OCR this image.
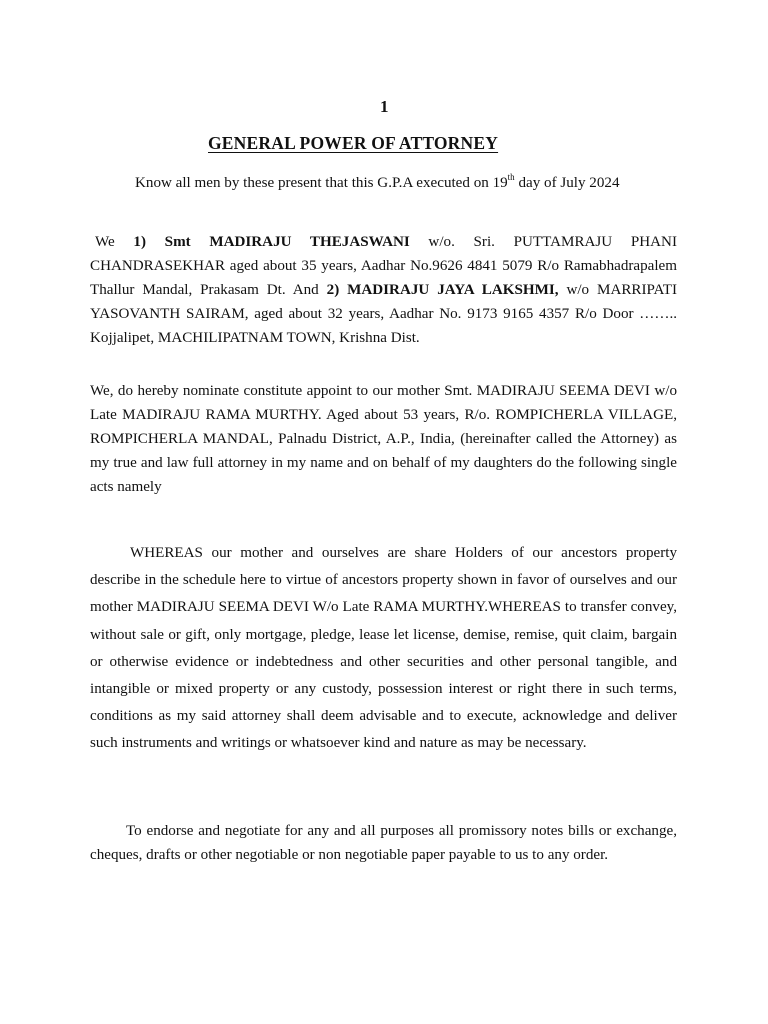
1
GENERAL POWER OF ATTORNEY
Know all men by these present that this G.P.A executed on 19th day of July 2024
We 1) Smt MADIRAJU THEJASWANI w/o. Sri. PUTTAMRAJU PHANI CHANDRASEKHAR aged about 35 years, Aadhar No.9626 4841 5079 R/o Ramabhadrapalem Thallur Mandal, Prakasam Dt. And 2) MADIRAJU JAYA LAKSHMI, w/o MARRIPATI YASOVANTH SAIRAM, aged about 32 years, Aadhar No. 9173 9165 4357 R/o Door …….. Kojjalipet, MACHILIPATNAM TOWN, Krishna Dist.
We, do hereby nominate constitute appoint to our mother Smt. MADIRAJU SEEMA DEVI w/o Late MADIRAJU RAMA MURTHY. Aged about 53 years, R/o. ROMPICHERLA VILLAGE, ROMPICHERLA MANDAL, Palnadu District, A.P., India, (hereinafter called the Attorney) as my true and law full attorney in my name and on behalf of my daughters do the following single acts namely
WHEREAS our mother and ourselves are share Holders of our ancestors property describe in the schedule here to virtue of ancestors property shown in favor of ourselves and our mother MADIRAJU SEEMA DEVI W/o Late RAMA MURTHY.WHEREAS to transfer convey, without sale or gift, only mortgage, pledge, lease let license, demise, remise, quit claim, bargain or otherwise evidence or indebtedness and other securities and other personal tangible, and intangible or mixed property or any custody, possession interest or right there in such terms, conditions as my said attorney shall deem advisable and to execute, acknowledge and deliver such instruments and writings or whatsoever kind and nature as may be necessary.
To endorse and negotiate for any and all purposes all promissory notes bills or exchange, cheques, drafts or other negotiable or non negotiable paper payable to us to any order.
